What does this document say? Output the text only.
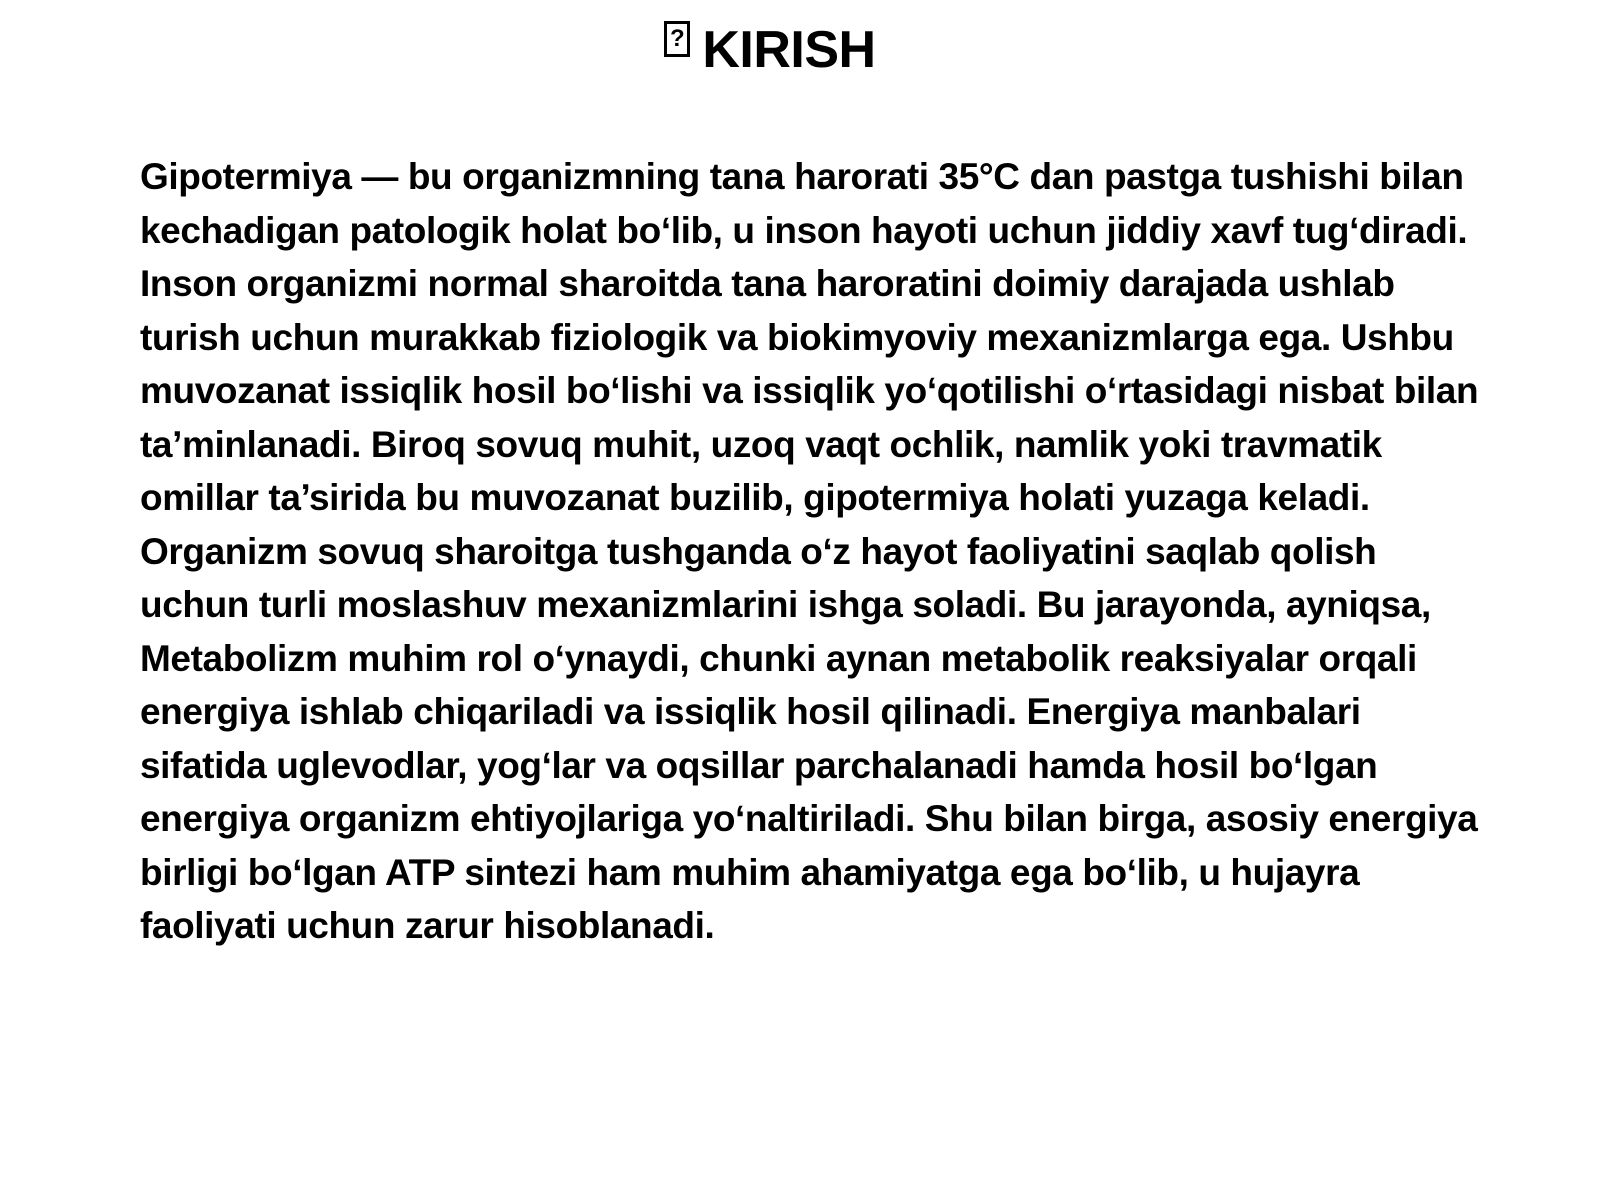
?KIRISH

Gipotermiya — bu organizmning tana harorati 35°C dan pastga tushishi bilan kechadigan patologik holat bo‘lib, u inson hayoti uchun jiddiy xavf tug‘diradi. Inson organizmi normal sharoitda tana haroratini doimiy darajada ushlab turish uchun murakkab fiziologik va biokimyoviy mexanizmlarga ega. Ushbu muvozanat issiqlik hosil bo‘lishi va issiqlik yo‘qotilishi o‘rtasidagi nisbat bilan ta’minlanadi. Biroq sovuq muhit, uzoq vaqt ochlik, namlik yoki travmatik omillar ta’sirida bu muvozanat buzilib, gipotermiya holati yuzaga keladi.

Organizm sovuq sharoitga tushganda o‘z hayot faoliyatini saqlab qolish uchun turli moslashuv mexanizmlarini ishga soladi. Bu jarayonda, ayniqsa, Metabolizm muhim rol o‘ynaydi, chunki aynan metabolik reaksiyalar orqali energiya ishlab chiqariladi va issiqlik hosil qilinadi. Energiya manbalari sifatida uglevodlar, yog‘lar va oqsillar parchalanadi hamda hosil bo‘lgan energiya organizm ehtiyojlariga yo‘naltiriladi. Shu bilan birga, asosiy energiya birligi bo‘lgan ATP sintezi ham muhim ahamiyatga ega bo‘lib, u hujayra faoliyati uchun zarur hisoblanadi.
